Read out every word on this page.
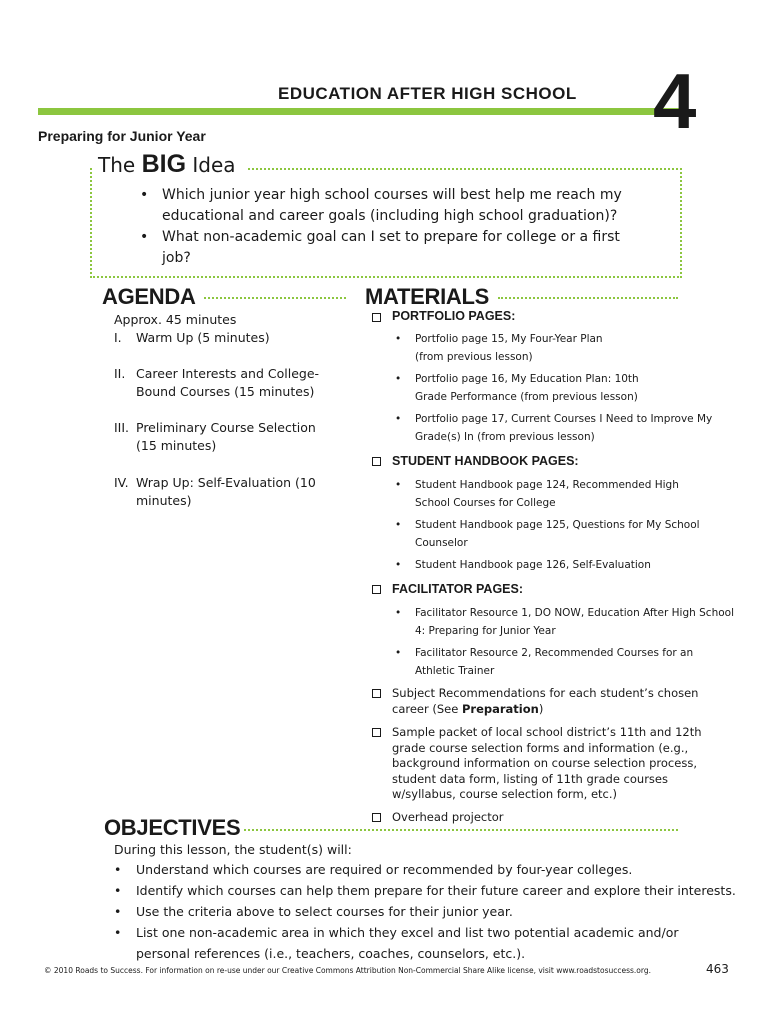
EDUCATION AFTER HIGH SCHOOL 4
Preparing for Junior Year
The BIG Idea
• Which junior year high school courses will best help me reach my educational and career goals (including high school graduation)?
• What non-academic goal can I set to prepare for college or a first job?
AGENDA
Approx. 45 minutes
I. Warm Up (5 minutes)
II. Career Interests and College-Bound Courses (15 minutes)
III. Preliminary Course Selection (15 minutes)
IV. Wrap Up: Self-Evaluation (10 minutes)
MATERIALS
PORTFOLIO PAGES:
• Portfolio page 15, My Four-Year Plan (from previous lesson)
• Portfolio page 16, My Education Plan: 10th Grade Performance (from previous lesson)
• Portfolio page 17, Current Courses I Need to Improve My Grade(s) In (from previous lesson)
STUDENT HANDBOOK PAGES:
• Student Handbook page 124, Recommended High School Courses for College
• Student Handbook page 125, Questions for My School Counselor
• Student Handbook page 126, Self-Evaluation
FACILITATOR PAGES:
• Facilitator Resource 1, DO NOW, Education After High School 4: Preparing for Junior Year
• Facilitator Resource 2, Recommended Courses for an Athletic Trainer
Subject Recommendations for each student’s chosen career (See Preparation)
Sample packet of local school district’s 11th and 12th grade course selection forms and information (e.g., background information on course selection process, student data form, listing of 11th grade courses w/syllabus, course selection form, etc.)
Overhead projector
OBJECTIVES
During this lesson, the student(s) will:
• Understand which courses are required or recommended by four-year colleges.
• Identify which courses can help them prepare for their future career and explore their interests.
• Use the criteria above to select courses for their junior year.
• List one non-academic area in which they excel and list two potential academic and/or personal references (i.e., teachers, coaches, counselors, etc.).
© 2010 Roads to Success. For information on re-use under our Creative Commons Attribution Non-Commercial Share Alike license, visit www.roadstosuccess.org.	463
